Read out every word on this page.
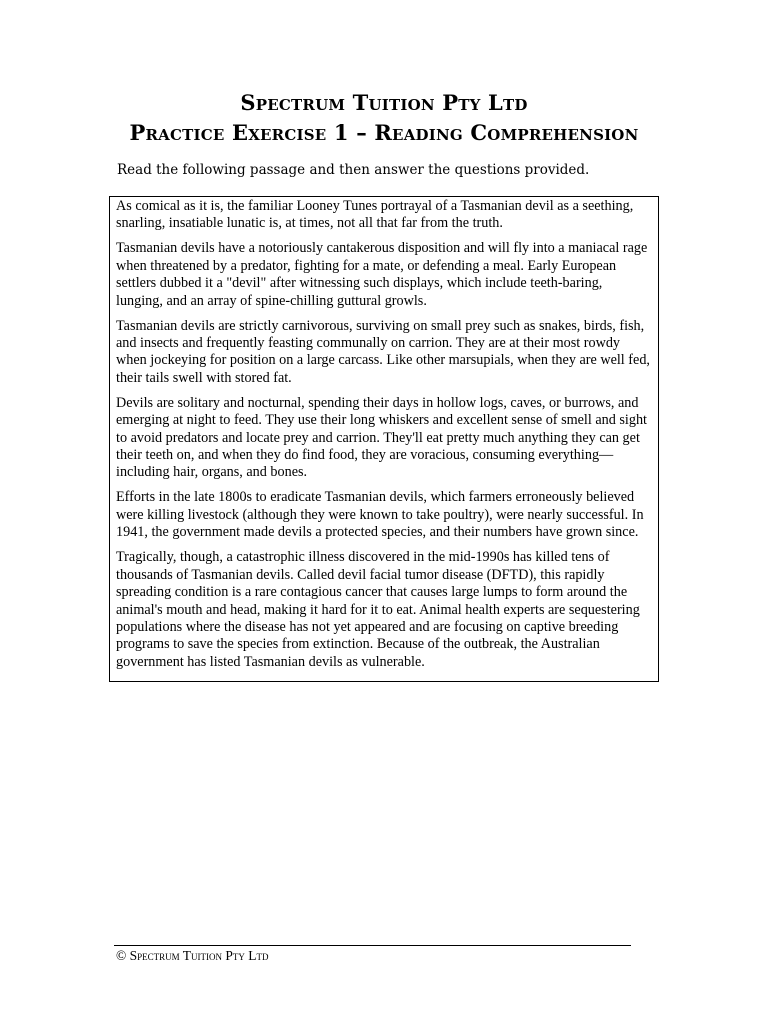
Spectrum Tuition Pty Ltd
Practice Exercise 1 – Reading Comprehension
Read the following passage and then answer the questions provided.

As comical as it is, the familiar Looney Tunes portrayal of a Tasmanian devil as a seething, snarling, insatiable lunatic is, at times, not all that far from the truth.

Tasmanian devils have a notoriously cantakerous disposition and will fly into a maniacal rage when threatened by a predator, fighting for a mate, or defending a meal. Early European settlers dubbed it a "devil" after witnessing such displays, which include teeth-baring, lunging, and an array of spine-chilling guttural growls.

Tasmanian devils are strictly carnivorous, surviving on small prey such as snakes, birds, fish, and insects and frequently feasting communally on carrion. They are at their most rowdy when jockeying for position on a large carcass. Like other marsupials, when they are well fed, their tails swell with stored fat.

Devils are solitary and nocturnal, spending their days in hollow logs, caves, or burrows, and emerging at night to feed. They use their long whiskers and excellent sense of smell and sight to avoid predators and locate prey and carrion. They'll eat pretty much anything they can get their teeth on, and when they do find food, they are voracious, consuming everything—including hair, organs, and bones.

Efforts in the late 1800s to eradicate Tasmanian devils, which farmers erroneously believed were killing livestock (although they were known to take poultry), were nearly successful. In 1941, the government made devils a protected species, and their numbers have grown since.

Tragically, though, a catastrophic illness discovered in the mid-1990s has killed tens of thousands of Tasmanian devils. Called devil facial tumor disease (DFTD), this rapidly spreading condition is a rare contagious cancer that causes large lumps to form around the animal's mouth and head, making it hard for it to eat. Animal health experts are sequestering populations where the disease has not yet appeared and are focusing on captive breeding programs to save the species from extinction. Because of the outbreak, the Australian government has listed Tasmanian devils as vulnerable.

© Spectrum Tuition Pty Ltd
